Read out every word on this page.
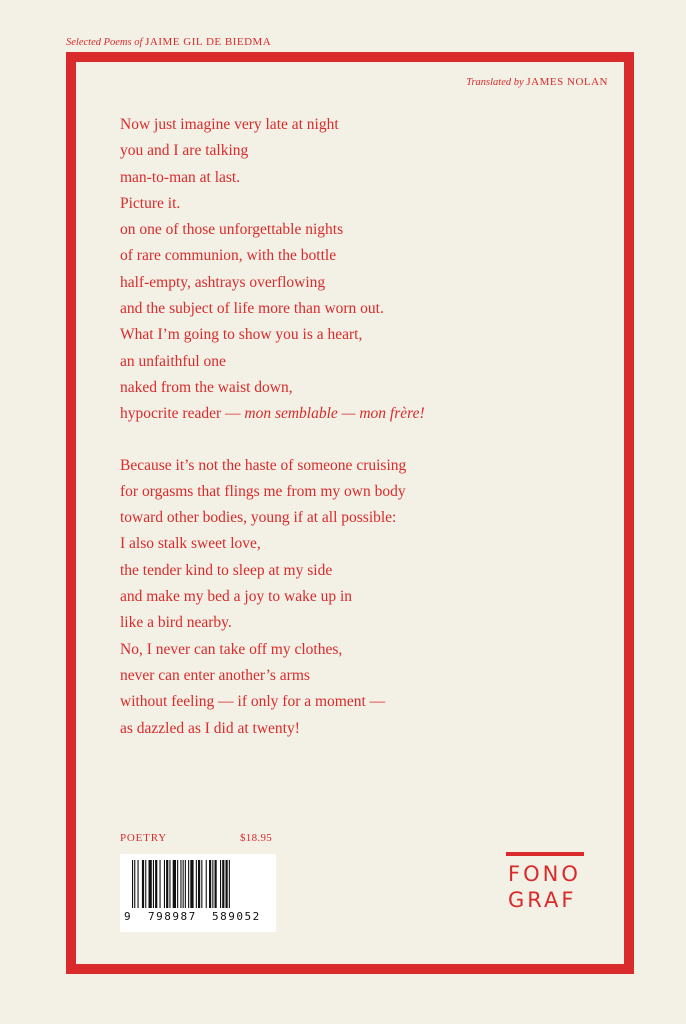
Selected Poems of JAIME GIL DE BIEDMA
Translated by JAMES NOLAN
Now just imagine very late at night
you and I are talking
man-to-man at last.
Picture it.
on one of those unforgettable nights
of rare communion, with the bottle
half-empty, ashtrays overflowing
and the subject of life more than worn out.
What I’m going to show you is a heart,
an unfaithful one
naked from the waist down,
hypocrite reader — mon semblable — mon frère!
Because it’s not the haste of someone cruising
for orgasms that flings me from my own body
toward other bodies, young if at all possible:
I also stalk sweet love,
the tender kind to sleep at my side
and make my bed a joy to wake up in
like a bird nearby.
No, I never can take off my clothes,
never can enter another’s arms
without feeling — if only for a moment —
as dazzled as I did at twenty!
POETRY	$18.95
9 798987 589052
FONO
GRAF
